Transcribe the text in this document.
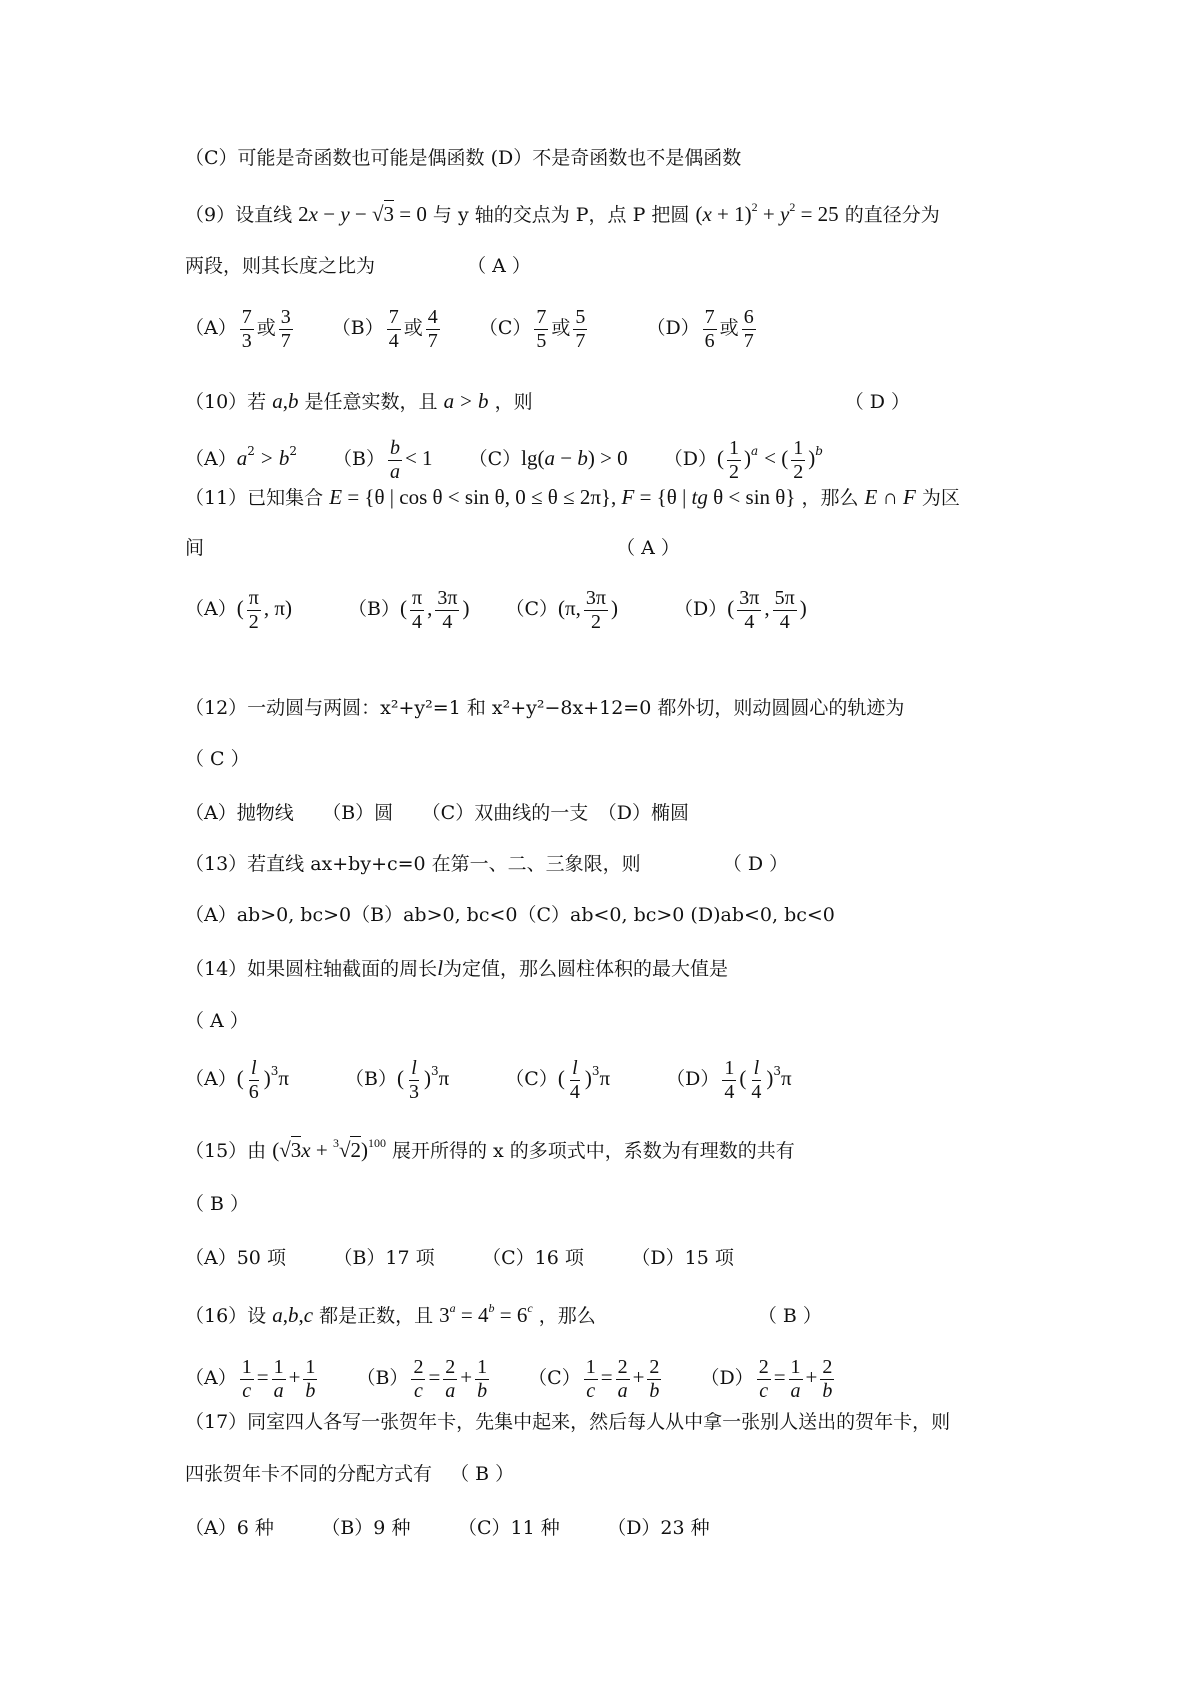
（C）可能是奇函数也可能是偶函数 (D）不是奇函数也不是偶函数
（9）设直线 2x − y − √3 = 0 与 y 轴的交点为 P，点 P 把圆 $(x + 1)^2 + y^2 = 25$ 的直径分为
两段，则其长度之比为	（ A ）
$(A) \frac{7}{3}$ 或 $\frac{3}{7} (B) \frac{7}{4}$ 或 $\frac{4}{7} (C) \frac{7}{5}$ 或 $\frac{5}{7}$	$(D) \frac{7}{6}$ 或 $\frac{6}{7}$
（10）若 a,b 是任意实数，且 a > b ，则	（ D ）
$(A)a^2 > b^2$ $(B) \frac{b}{a} < 1$ （C）lg(a − b) > 0 $(D)( \frac{1}{2} )^a$ < ( $\frac{1}{2} )^b$
（11）已知集合 E = {θ | cos θ < sin θ, 0 ≤ θ ≤ 2π}, F = {θ | tg θ < sin θ} ，那么 E ∩ F 为区
间	（ A ）
$(A)( \frac{\pi}{2}$ , π)	$(B)( \frac{\pi}{4}$ , $\frac{3\pi}{4}$ ) （C）(π, $\frac{3\pi}{2}$ )	$(D)( \frac{3\pi}{4}$ , $\frac{5\pi}{4}$ )
（12）一动圆与两圆：x²+y²=1 和 x²+y²−8x+12=0 都外切，则动圆圆心的轨迹为
（ C ）
（A）抛物线　　（B）圆　　（C）双曲线的一支　（D）椭圆
（13）若直线 ax+by+c=0 在第一、二、三象限，则	（ D ）
（A）ab>0, bc>0（B）ab>0, bc<0（C）ab<0, bc>0 (D)ab<0, bc<0
（14）如果圆柱轴截面的周长l为定值，那么圆柱体积的最大值是
（ A ）
$(A)( \frac{l}{6} )^3\pi$	$(B)( \frac{l}{3} )^3\pi$	$(C)( \frac{l}{4} )^3\pi$	$(D) \frac{1}{4}$ ( $\frac{l}{4} )^3\pi$
（15）由 $(√3x + ^3√2)^{100}$ 展开所得的 x 的多项式中，系数为有理数的共有
（ B ）
（A）50 项　　　（B）17 项　　　（C）16 项　　　（D）15 项
（16）设 a,b,c 都是正数，且 $3^a = 4^b = 6^c$ ，那么	（ B ）
$(A) \frac{1}{c} = \frac{1}{a} + \frac{1}{b} (B) \frac{2}{c} = \frac{2}{a} + \frac{1}{b} (C) \frac{1}{c} = \frac{2}{a} + \frac{2}{b} (D) \frac{2}{c} = \frac{1}{a} + \frac{2}{b}$
（17）同室四人各写一张贺年卡，先集中起来，然后每人从中拿一张别人送出的贺年卡，则
四张贺年卡不同的分配方式有 （ B ）
（A）6 种　　　（B）9 种　　　（C）11 种　　　（D）23 种
